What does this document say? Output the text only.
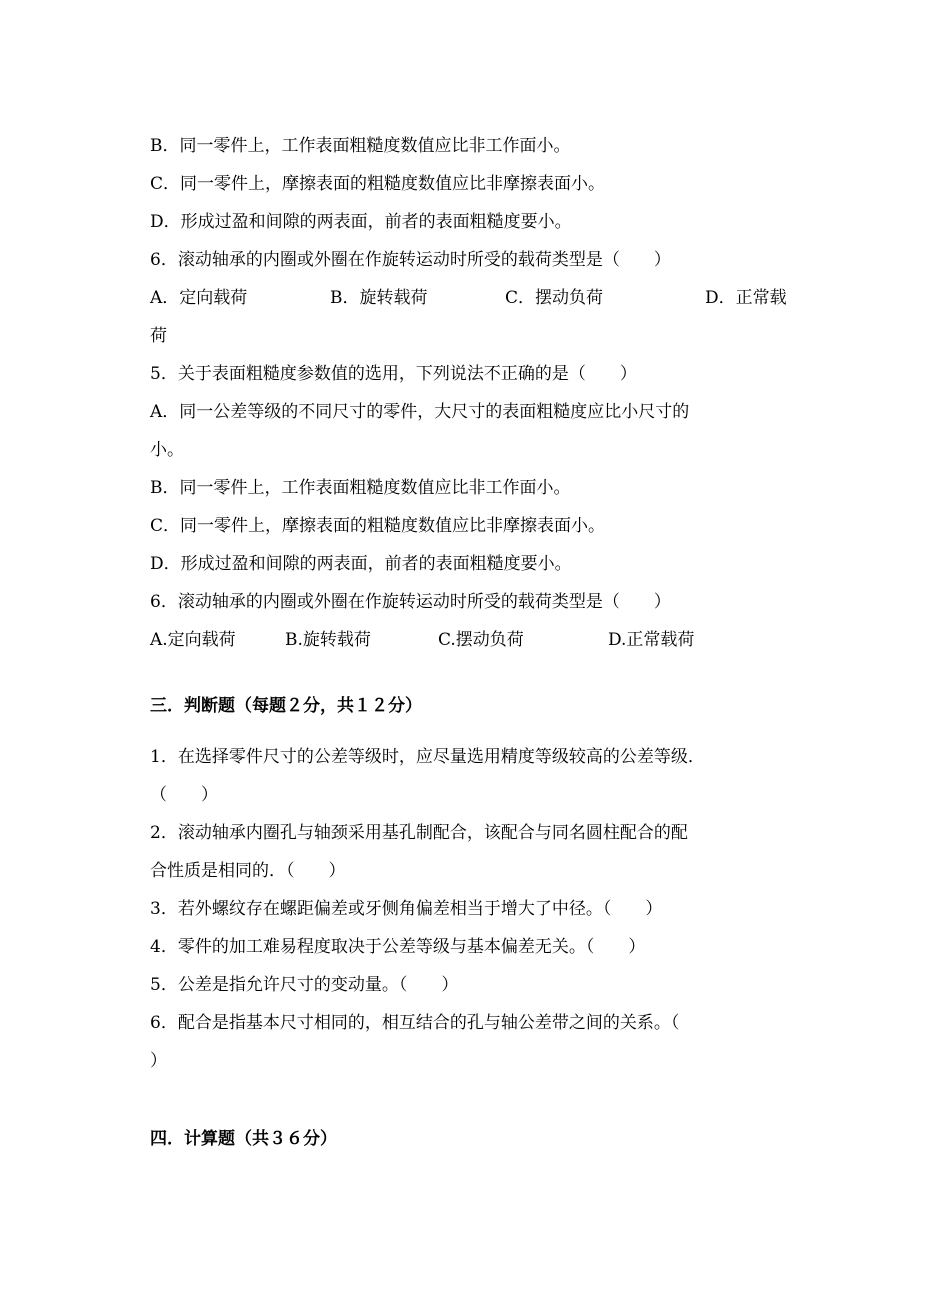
B．同一零件上，工作表面粗糙度数值应比非工作面小。
C．同一零件上，摩擦表面的粗糙度数值应比非摩擦表面小。
D．形成过盈和间隙的两表面，前者的表面粗糙度要小。
6．滚动轴承的内圈或外圈在作旋转运动时所受的载荷类型是（　　）
A．定向载荷	B．旋转载荷	C．摆动负荷	D．正常载
荷
5．关于表面粗糙度参数值的选用，下列说法不正确的是（　　）
A．同一公差等级的不同尺寸的零件，大尺寸的表面粗糙度应比小尺寸的
小。
B．同一零件上，工作表面粗糙度数值应比非工作面小。
C．同一零件上，摩擦表面的粗糙度数值应比非摩擦表面小。
D．形成过盈和间隙的两表面，前者的表面粗糙度要小。
6．滚动轴承的内圈或外圈在作旋转运动时所受的载荷类型是（　　）
A.定向载荷	B.旋转载荷	C.摆动负荷	D.正常载荷
三．判断题（每题２分，共１２分）
1．在选择零件尺寸的公差等级时，应尽量选用精度等级较高的公差等级．
（　　）
2．滚动轴承内圈孔与轴颈采用基孔制配合，该配合与同名圆柱配合的配
合性质是相同的．（　　）
3．若外螺纹存在螺距偏差或牙侧角偏差相当于增大了中径。（　　）
4．零件的加工难易程度取决于公差等级与基本偏差无关。（　　）
5．公差是指允许尺寸的变动量。（　　）
6．配合是指基本尺寸相同的，相互结合的孔与轴公差带之间的关系。（
）
四．计算题（共３６分）
